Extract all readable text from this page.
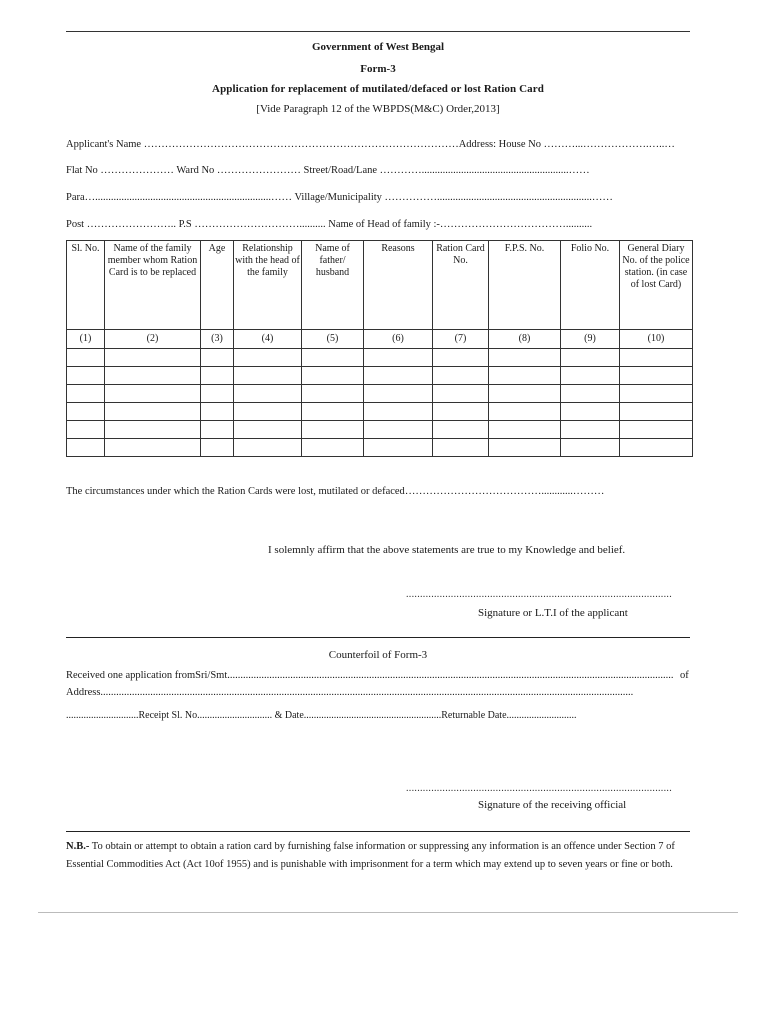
Government of West Bengal
Form-3
Application for replacement of mutilated/defaced or lost Ration Card
[Vide Paragraph 12 of the WBPDS(M&C) Order,2013]
Applicant's Name ………………………………………………………………………………Address: House No ………...……………….…..…
Flat No ………………… Ward No …………………… Street/Road/Lane …………........................................................……
Para…...................................................................…… Village/Municipality ……………...........................................................……
Post …………………….. P.S ………………………….......... Name of Head of family :-………………………………..........
Sl. No.	Name of the family member whom Ration Card is to be replaced	Age	Relationship with the head of the family	Name of father/ husband	Reasons	Ration Card No.	F.P.S. No.	Folio No.	General Diary No. of the police station. (in case of lost Card)
(1)	(2)	(3)	(4)	(5)	(6)	(7)	(8)	(9)	(10)

The circumstances under which the Ration Cards were lost, mutilated or defaced…………………………………............………
I solemnly affirm that the above statements are true to my Knowledge and belief.
...............................................................................................
Signature or L.T.I of the applicant
Counterfoil of Form-3
Received one application fromSri/Smt.......................................................................................................................................................................... of
Address...........................................................................................................................................................................................................
.............................Receipt Sl. No.............................. & Date.......................................................Returnable Date............................
...............................................................................................
Signature of the receiving official
N.B.- To obtain or attempt to obtain a ration card by furnishing false information or suppressing any information is an offence under Section 7 of Essential Commodities Act (Act 10of 1955) and is punishable with imprisonment for a term which may extend up to seven years or fine or both.
